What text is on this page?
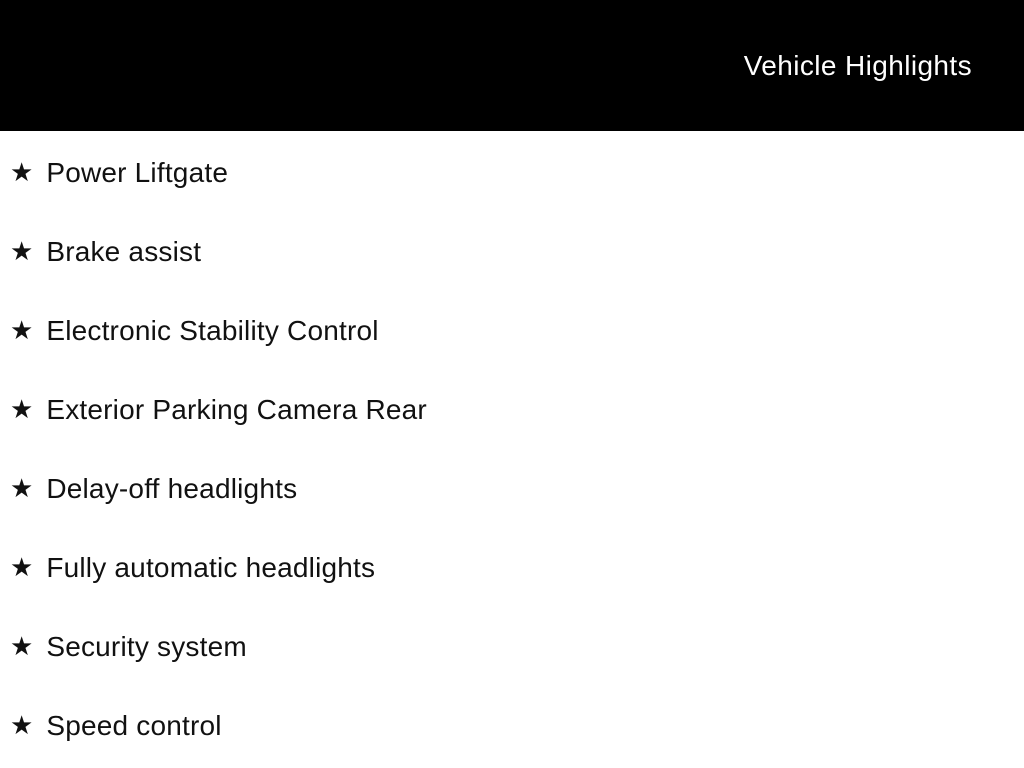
Vehicle Highlights
★ Power Liftgate
★ Brake assist
★ Electronic Stability Control
★ Exterior Parking Camera Rear
★ Delay-off headlights
★ Fully automatic headlights
★ Security system
★ Speed control
